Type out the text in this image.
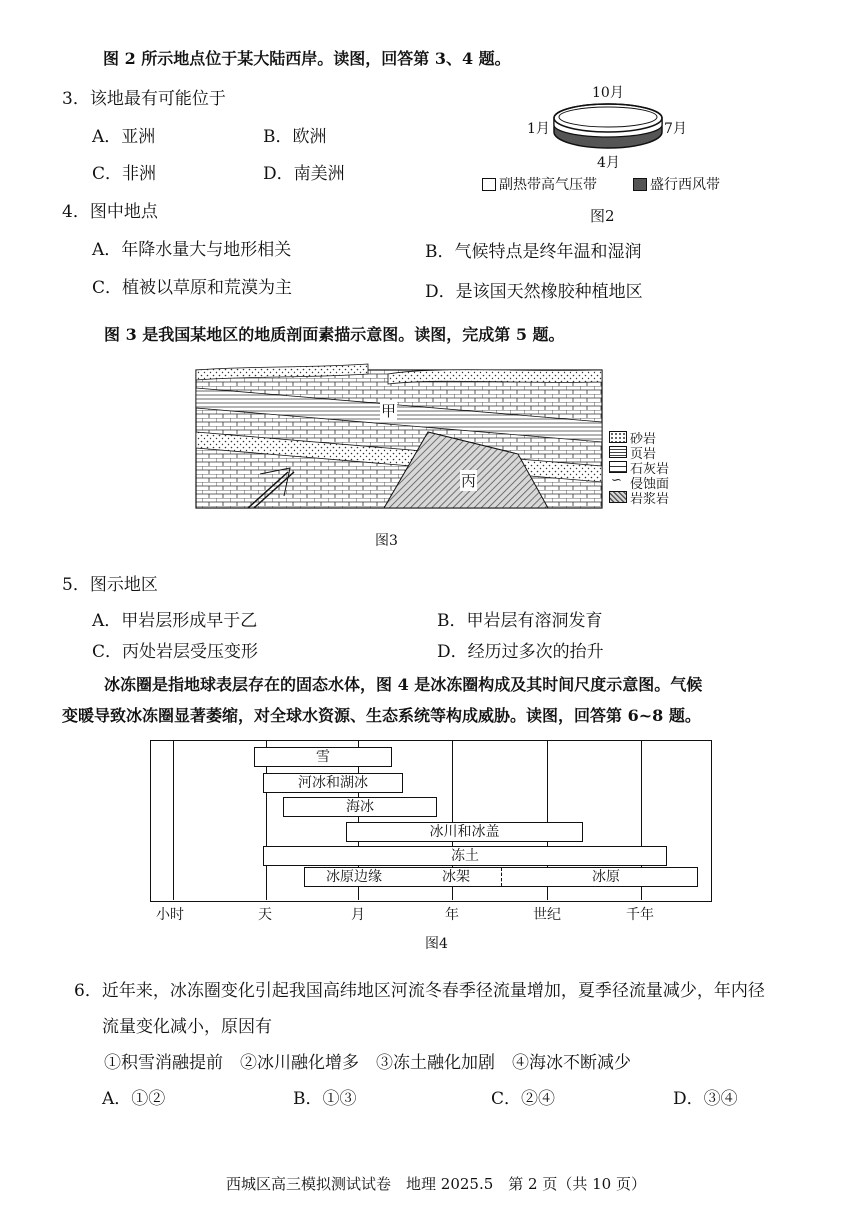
图 2 所示地点位于某大陆西岸。读图，回答第 3、4 题。
3．该地最有可能位于
A．亚洲	B．欧洲
C．非洲	D．南美洲
4．图中地点
A．年降水量大与地形相关	B．气候特点是终年温和湿润
C．植被以草原和荒漠为主	D．是该国天然橡胶种植地区
10月
1月	7月
4月
副热带高气压带	盛行西风带
图2
图 3 是我国某地区的地质剖面素描示意图。读图，完成第 5 题。
甲
丙
砂岩
页岩
石灰岩
∽ 侵蚀面
岩浆岩
图3
5．图示地区
A．甲岩层形成早于乙	B．甲岩层有溶洞发育
C．丙处岩层受压变形	D．经历过多次的抬升
冰冻圈是指地球表层存在的固态水体，图 4 是冰冻圈构成及其时间尺度示意图。气候
变暖导致冰冻圈显著萎缩，对全球水资源、生态系统等构成威胁。读图，回答第 6~8 题。
雪
河冰和湖冰
海冰
冰川和冰盖
冻土
冰原边缘	冰架	冰原
小时	天	月	年	世纪	千年
图4
6．近年来，冰冻圈变化引起我国高纬地区河流冬春季径流量增加，夏季径流量减少，年内径
流量变化减小，原因有
①积雪消融提前　②冰川融化增多　③冻土融化加剧　④海冰不断减少
A．①②	B．①③	C．②④	D．③④
西城区高三模拟测试试卷　地理 2025.5　第 2 页（共 10 页）
